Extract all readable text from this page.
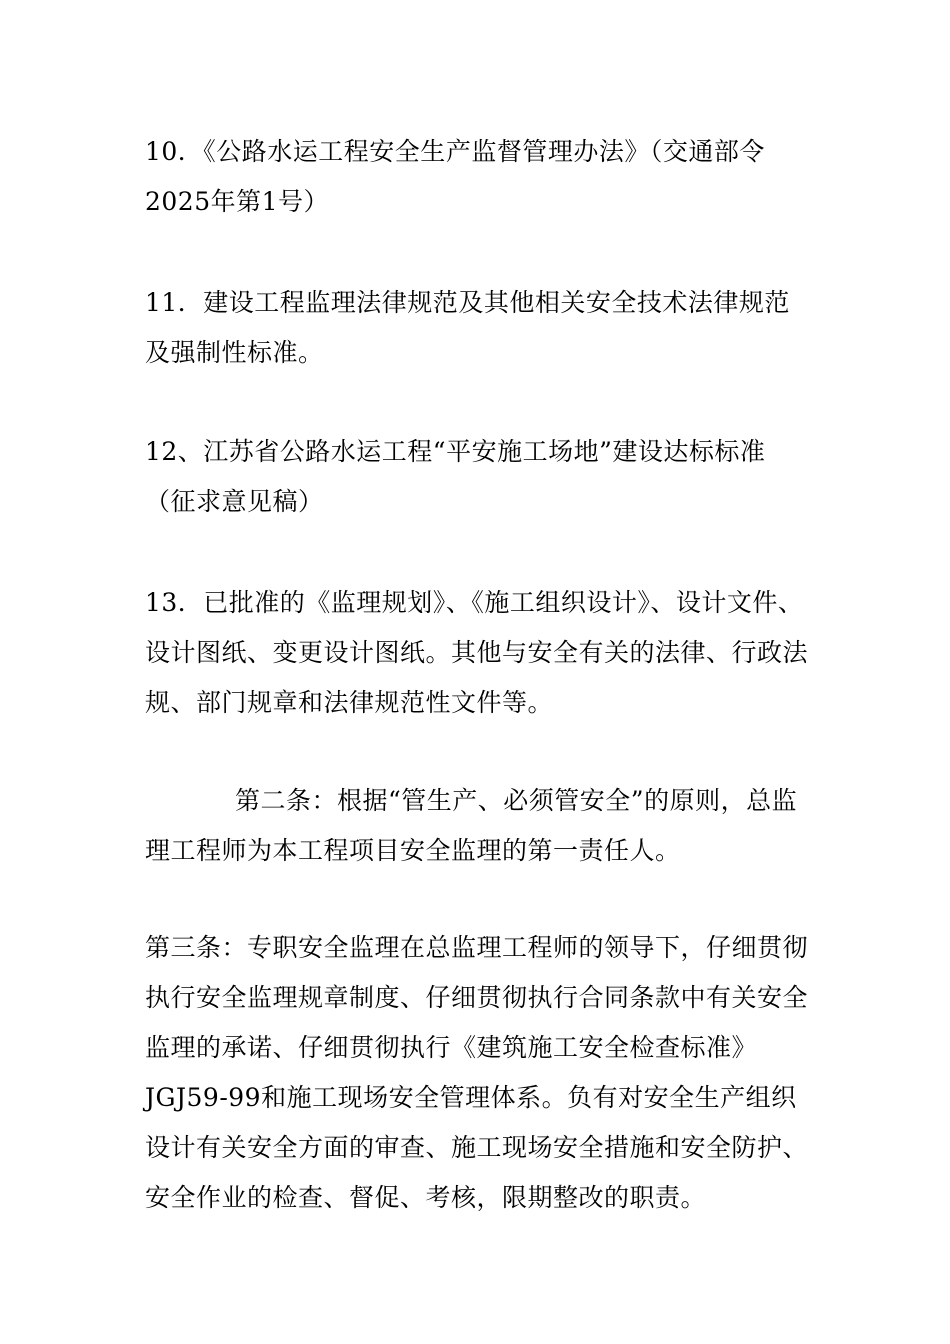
10．《公路水运工程安全生产监督管理办法》（交通部令2025年第1号）

11．建设工程监理法律规范及其他相关安全技术法律规范及强制性标准。

12、江苏省公路水运工程“平安施工场地”建设达标标准（征求意见稿）

13．已批准的《监理规划》、《施工组织设计》、设计文件、设计图纸、变更设计图纸。其他与安全有关的法律、行政法规、部门规章和法律规范性文件等。

第二条：根据“管生产、必须管安全”的原则，总监理工程师为本工程项目安全监理的第一责任人。

第三条：专职安全监理在总监理工程师的领导下，仔细贯彻执行安全监理规章制度、仔细贯彻执行合同条款中有关安全监理的承诺、仔细贯彻执行《建筑施工安全检查标准》JGJ59-99和施工现场安全管理体系。负有对安全生产组织设计有关安全方面的审查、施工现场安全措施和安全防护、安全作业的检查、督促、考核，限期整改的职责。
